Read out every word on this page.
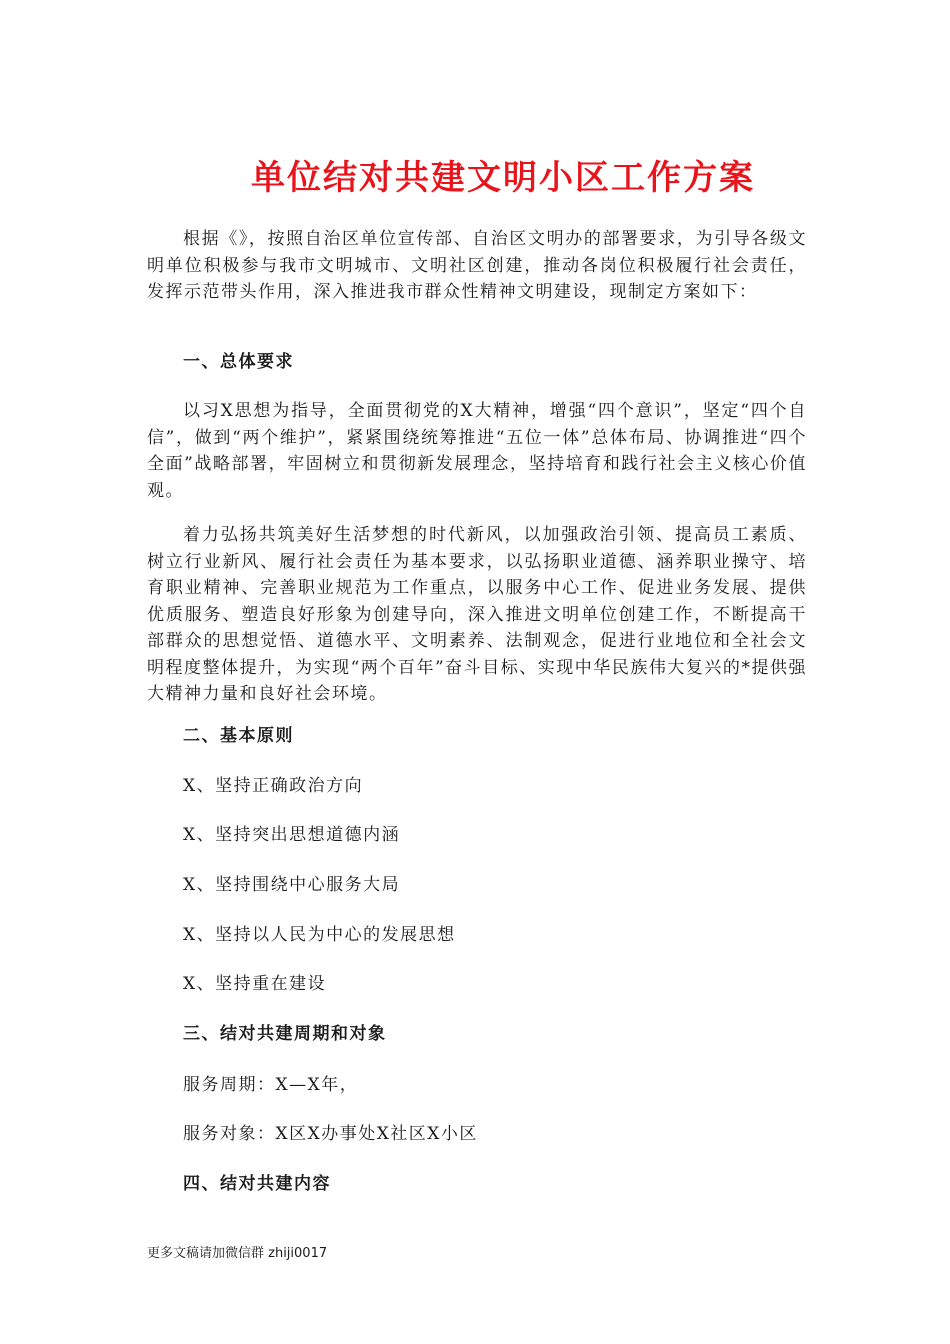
单位结对共建文明小区工作方案

根据《》，按照自治区单位宣传部、自治区文明办的部署要求，为引导各级文明单位积极参与我市文明城市、文明社区创建，推动各岗位积极履行社会责任，发挥示范带头作用，深入推进我市群众性精神文明建设，现制定方案如下：

一、总体要求

以习X思想为指导，全面贯彻党的X大精神，增强“四个意识”，坚定“四个自信”，做到“两个维护”，紧紧围绕统筹推进“五位一体”总体布局、协调推进“四个全面”战略部署，牢固树立和贯彻新发展理念，坚持培育和践行社会主义核心价值观。

着力弘扬共筑美好生活梦想的时代新风，以加强政治引领、提高员工素质、树立行业新风、履行社会责任为基本要求，以弘扬职业道德、涵养职业操守、培育职业精神、完善职业规范为工作重点，以服务中心工作、促进业务发展、提供优质服务、塑造良好形象为创建导向，深入推进文明单位创建工作，不断提高干部群众的思想觉悟、道德水平、文明素养、法制观念，促进行业地位和全社会文明程度整体提升，为实现“两个百年”奋斗目标、实现中华民族伟大复兴的*提供强大精神力量和良好社会环境。

二、基本原则
X、坚持正确政治方向
X、坚持突出思想道德内涵
X、坚持围绕中心服务大局
X、坚持以人民为中心的发展思想
X、坚持重在建设
三、结对共建周期和对象
服务周期：X—X年，
服务对象：X区X办事处X社区X小区
四、结对共建内容
更多文稿请加微信群 zhiji0017
